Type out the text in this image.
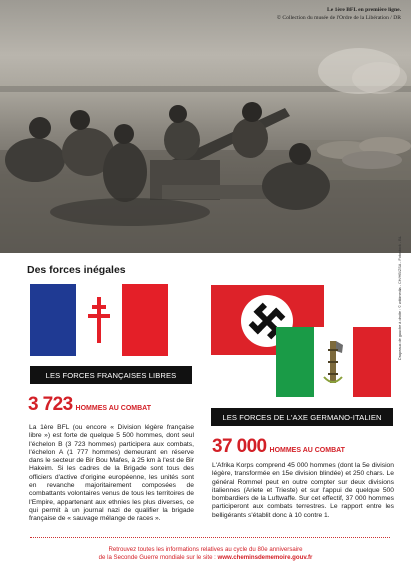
Le 1ère BFL en première ligne.
© Collection du musée de l'Ordre de la Libération / DR
Des forces inégales
LES FORCES FRANÇAISES LIBRES
3 723 HOMMES AU COMBAT
La 1ère BFL (ou encore « Division légère française libre ») est forte de quelque 5 500 hommes, dont seul l'échelon B (3 723 hommes) participera aux combats, l'échelon A (1 777 hommes) demeurant en réserve dans le secteur de Bir Bou Mafes, à 25 km à l'est de Bir Hakeim. Si les cadres de la Brigade sont tous des officiers d'active d'origine européenne, les unités sont en revanche majoritairement composées de combattants volontaires venus de tous les territoires de l'Empire, appartenant aux ethnies les plus diverses, ce qui permit à un journal nazi de qualifier la brigade française de « sauvage mélange de races ».
LES FORCES DE L'AXE GERMANO-ITALIEN
37 000 HOMMES AU COMBAT
L'Afrika Korps comprend 45 000 hommes (dont la 5e division légère, transformée en 15e division blindée) et 250 chars. Le général Rommel peut en outre compter sur deux divisions italiennes (Ariete et Trieste) et sur l'appui de quelque 500 bombardiers de la Luftwaffe. Sur cet effectif, 37 000 hommes participeront aux combats terrestres. Le rapport entre les belligérants s'établit donc à 10 contre 1.
Drapeaux de gauche à droite : © wikimedia - CH/HB/ZSA - Fotostock - BL
Retrouvez toutes les informations relatives au cycle du 80e anniversaire
de la Seconde Guerre mondiale sur le site : www.cheminsdememoire.gouv.fr
